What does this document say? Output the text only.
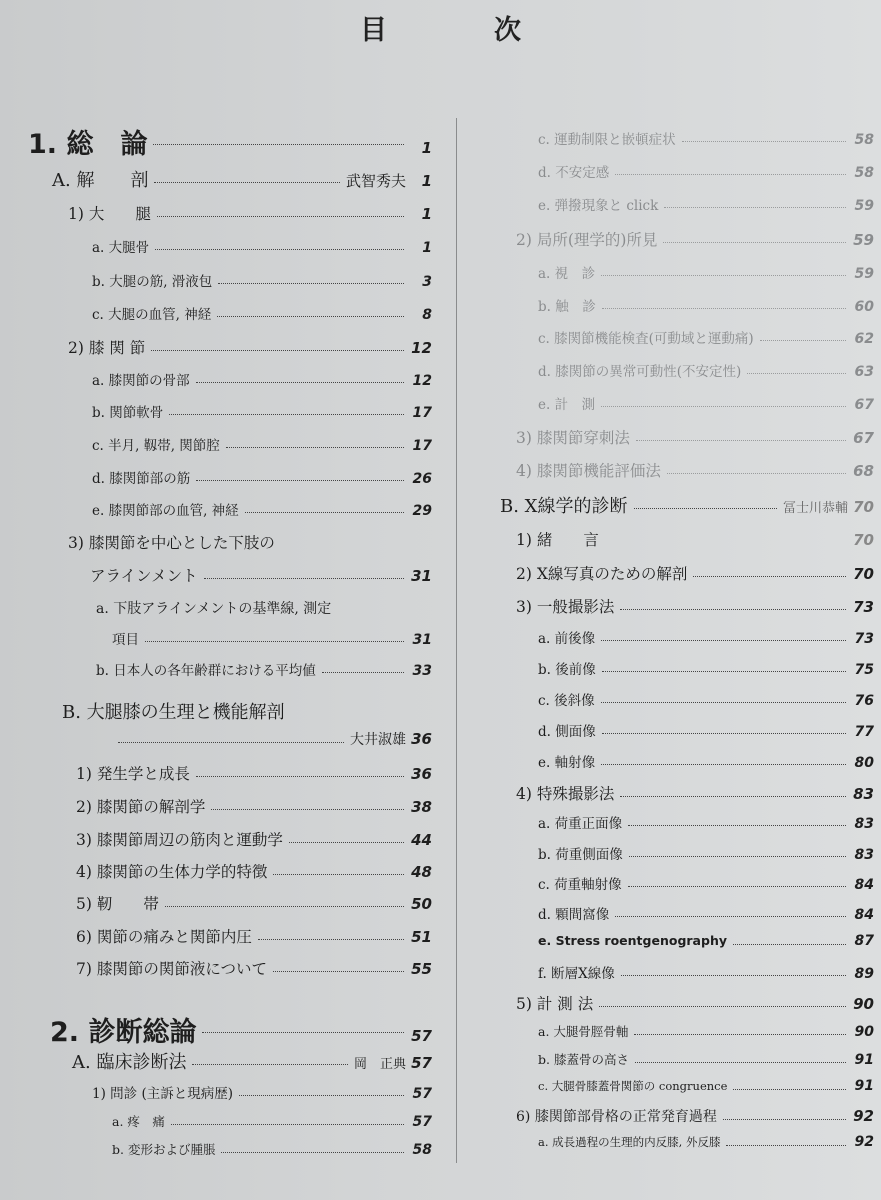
目　次
1. 総　論	1
A. 解　　剖	武智秀夫	1
1) 大　　腿	1
a. 大腿骨	1
b. 大腿の筋, 滑液包	3
c. 大腿の血管, 神経	8
2) 膝 関 節	12
a. 膝関節の骨部	12
b. 関節軟骨	17
c. 半月, 靱帯, 関節腔	17
d. 膝関節部の筋	26
e. 膝関節部の血管, 神経	29
3) 膝関節を中心とした下肢の
アラインメント	31
a. 下肢アラインメントの基準線, 測定
項目	31
b. 日本人の各年齢群における平均値	33
B. 大腿膝の生理と機能解剖
大井淑雄 36
1) 発生学と成長	36
2) 膝関節の解剖学	38
3) 膝関節周辺の筋肉と運動学	44
4) 膝関節の生体力学的特徴	48
5) 靭　　帯	50
6) 関節の痛みと関節内圧	51
7) 膝関節の関節液について	55
2. 診断総論	57
A. 臨床診断法	岡　正典 57
1) 問診 (主訴と現病歴)	57
a. 疼　痛	57
b. 変形および腫脹	58
c. 運動制限と嵌頓症状	58
d. 不安定感	58
e. 弾撥現象と click	59
2) 局所(理学的)所見	59
a. 視　診	59
b. 触　診	60
c. 膝関節機能検査(可動域と運動痛)	62
d. 膝関節の異常可動性(不安定性)	63
e. 計　測	67
3) 膝関節穿刺法	67
4) 膝関節機能評価法	68
B. X線学的診断	冨士川恭輔 70
1) 緒　　言	70
2) X線写真のための解剖	70
3) 一般撮影法	73
a. 前後像	73
b. 後前像	75
c. 後斜像	76
d. 側面像	77
e. 軸射像	80
4) 特殊撮影法	83
a. 荷重正面像	83
b. 荷重側面像	83
c. 荷重軸射像	84
d. 顆間窩像	84
e. Stress roentgenography	87
f. 断層X線像	89
5) 計 測 法	90
a. 大腿骨脛骨軸	90
b. 膝蓋骨の高さ	91
c. 大腿骨膝蓋骨関節の congruence	91
6) 膝関節部骨格の正常発育過程	92
a. 成長過程の生理的内反膝, 外反膝	92
